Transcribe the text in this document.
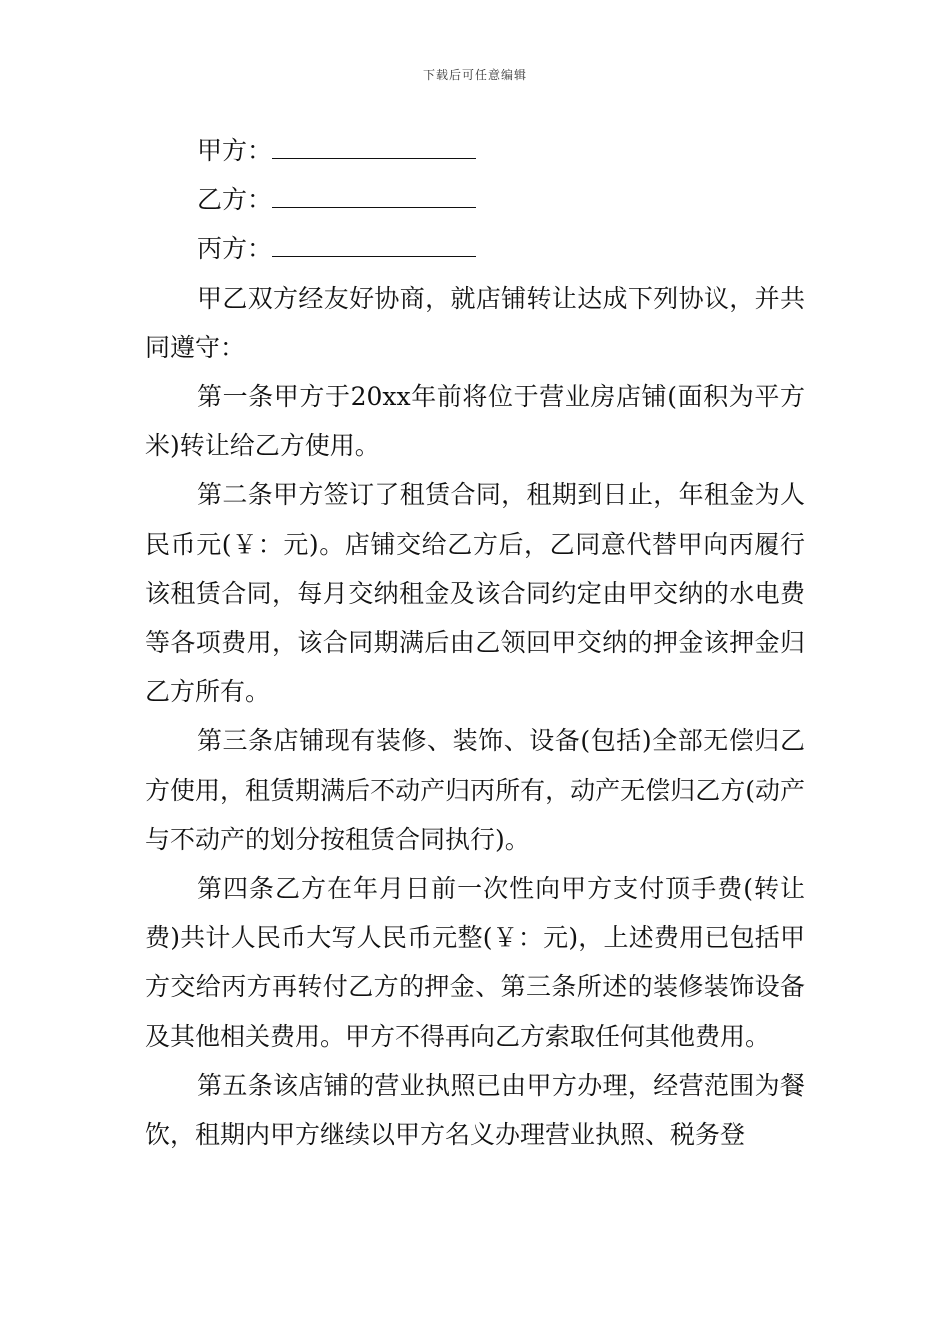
下载后可任意编辑
甲方：
乙方：
丙方：

甲乙双方经友好协商，就店铺转让达成下列协议，并共同遵守：

第一条甲方于20xx年前将位于营业房店铺(面积为平方米)转让给乙方使用。

第二条甲方签订了租赁合同，租期到日止，年租金为人民币元(￥：元)。店铺交给乙方后，乙同意代替甲向丙履行该租赁合同，每月交纳租金及该合同约定由甲交纳的水电费等各项费用，该合同期满后由乙领回甲交纳的押金该押金归乙方所有。

第三条店铺现有装修、装饰、设备(包括)全部无偿归乙方使用，租赁期满后不动产归丙所有，动产无偿归乙方(动产与不动产的划分按租赁合同执行)。

第四条乙方在年月日前一次性向甲方支付顶手费(转让费)共计人民币大写人民币元整(￥：元)，上述费用已包括甲方交给丙方再转付乙方的押金、第三条所述的装修装饰设备及其他相关费用。甲方不得再向乙方索取任何其他费用。

第五条该店铺的营业执照已由甲方办理，经营范围为餐饮，租期内甲方继续以甲方名义办理营业执照、税务登
